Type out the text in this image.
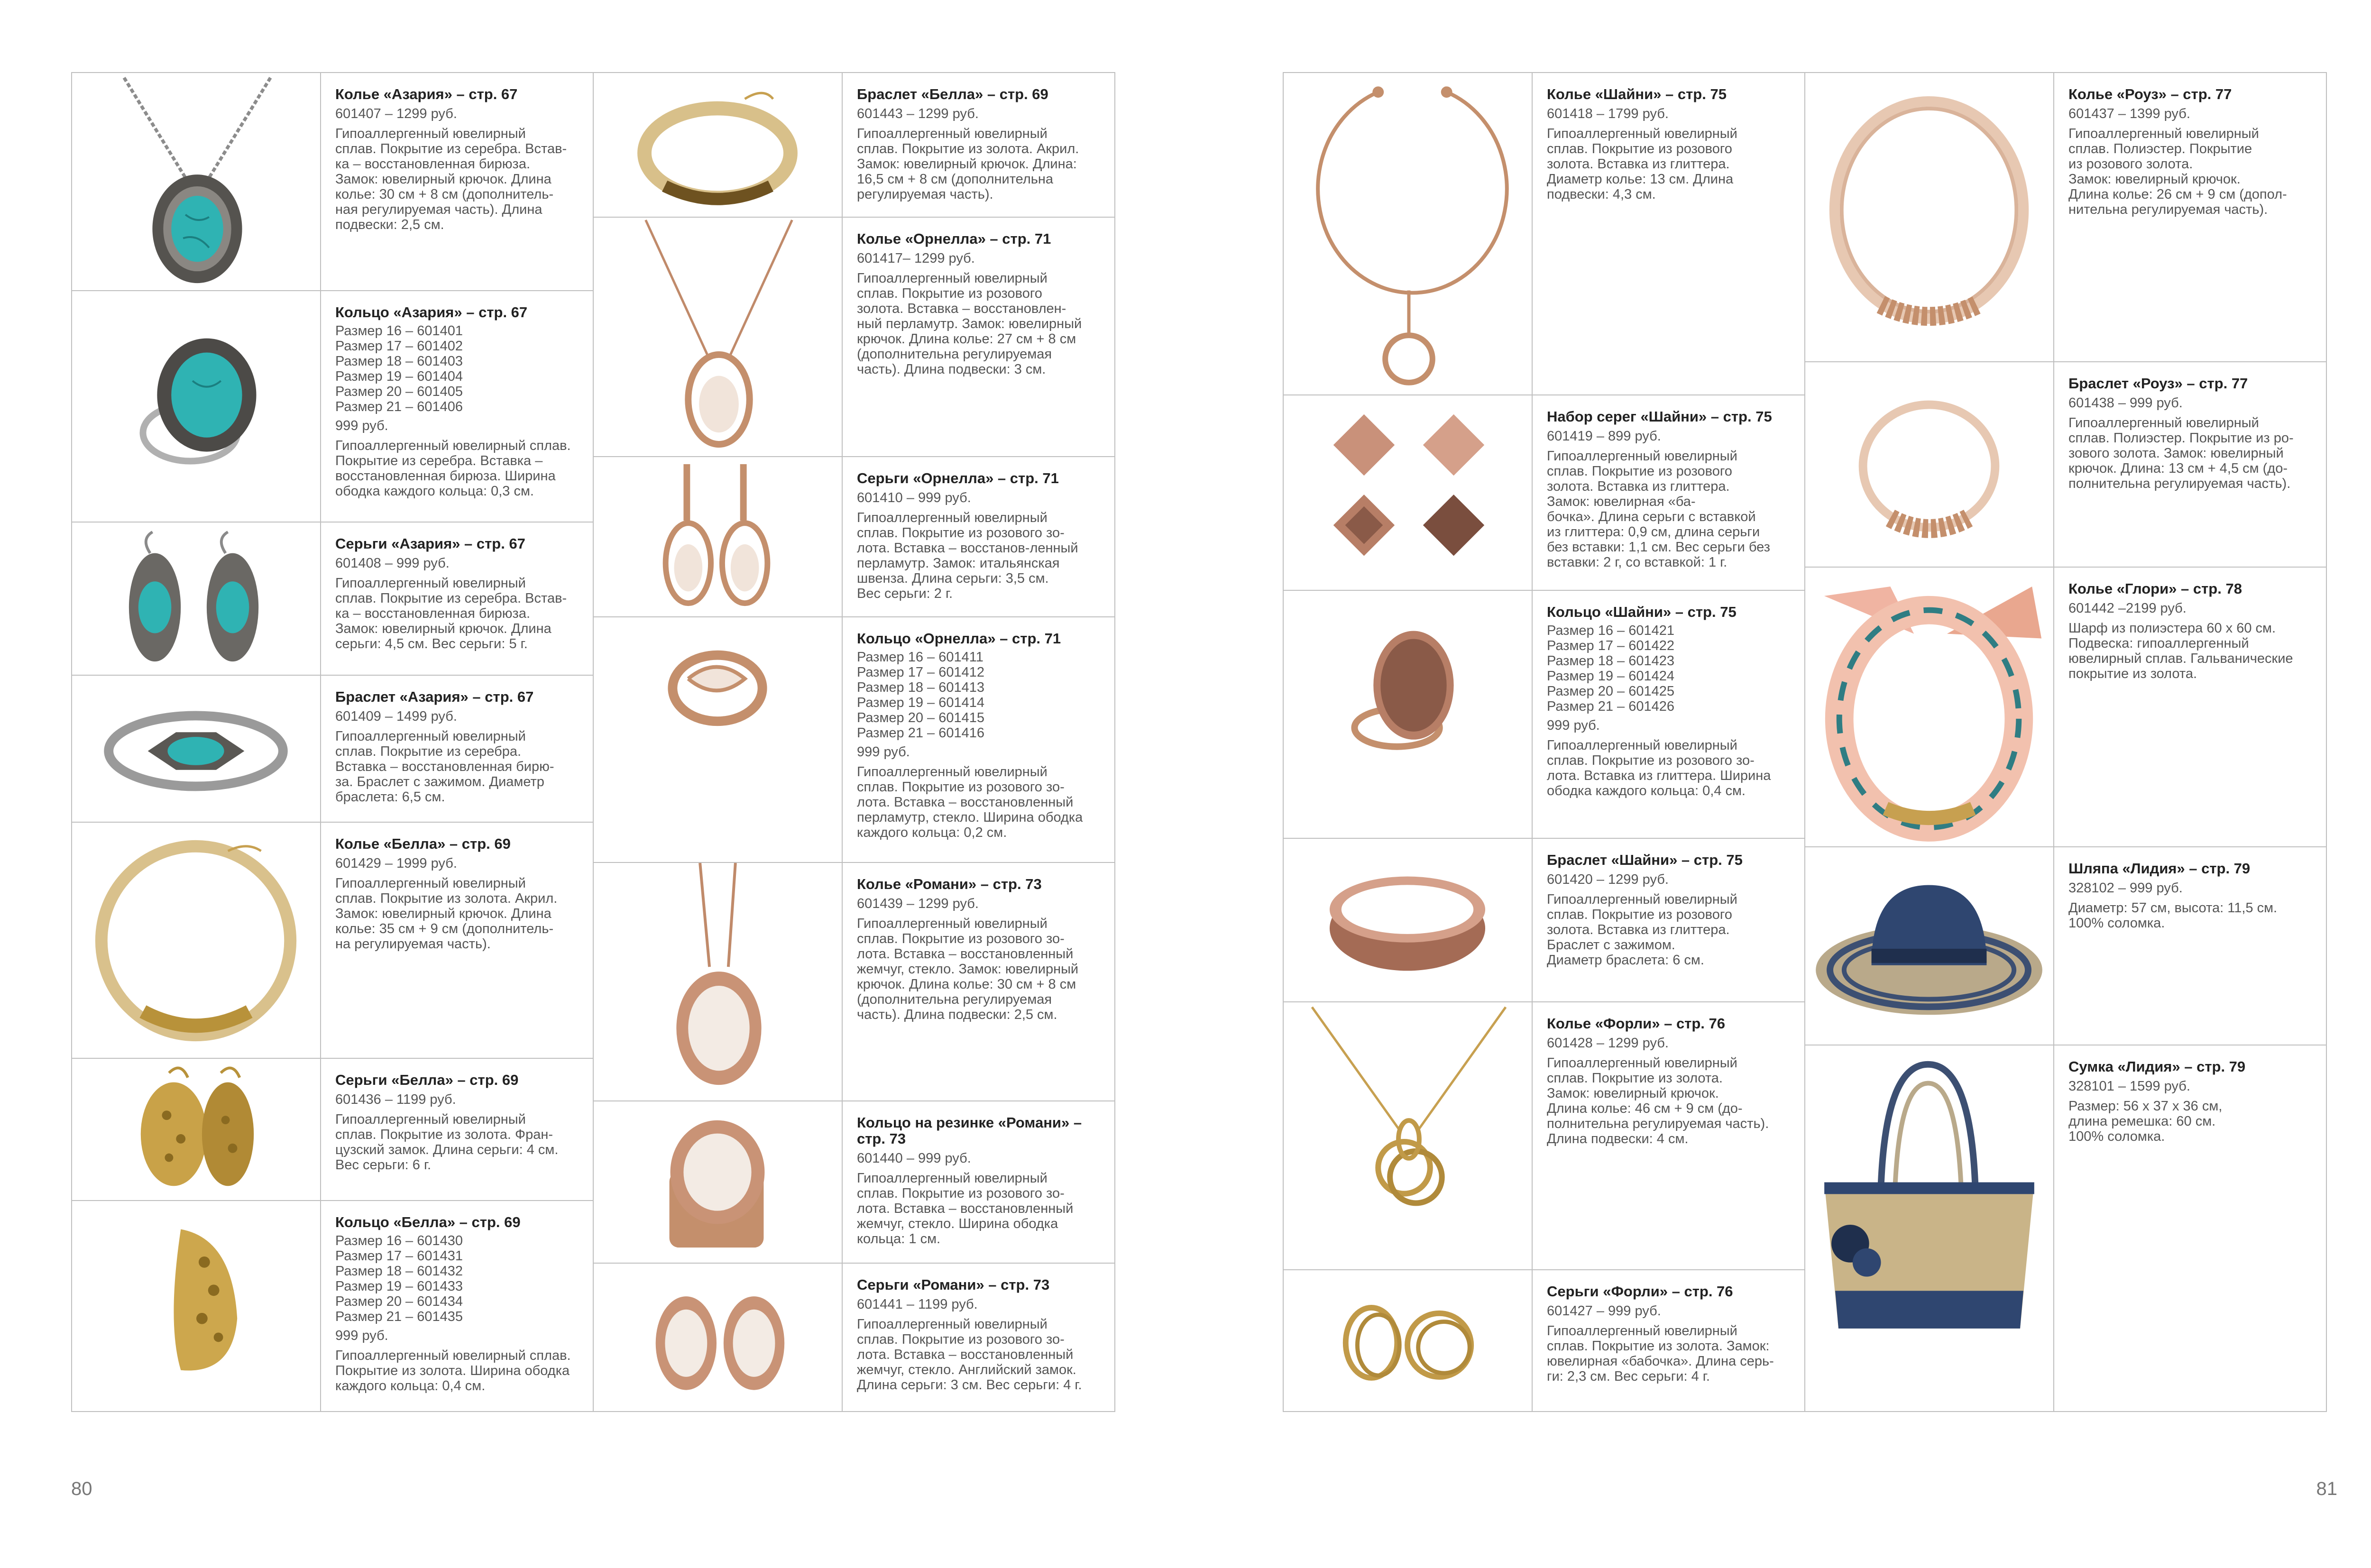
Колье «Азария» – стр. 67

601407 – 1299 руб.

Гипоаллергенный ювелирный
сплав. Покрытие из серебра. Встав-
ка – восстановленная бирюза.
Замок: ювелирный крючок. Длина
колье: 30 см + 8 см (дополнитель-
ная регулируемая часть). Длина
подвески: 2,5 см.

Кольцо «Азария» – стр. 67

Размер 16 – 601401
Размер 17 – 601402
Размер 18 – 601403
Размер 19 – 601404
Размер 20 – 601405
Размер 21 – 601406

999 руб.

Гипоаллергенный ювелирный сплав.
Покрытие из серебра. Вставка –
восстановленная бирюза. Ширина
ободка каждого кольца: 0,3 см.

Серьги «Азария» – стр. 67

601408 – 999 руб.

Гипоаллергенный ювелирный
сплав. Покрытие из серебра. Встав-
ка – восстановленная бирюза.
Замок: ювелирный крючок. Длина
серьги: 4,5 см. Вес серьги: 5 г.

Браслет «Азария» – стр. 67

601409 – 1499 руб.

Гипоаллергенный ювелирный
сплав. Покрытие из серебра.
Вставка – восстановленная бирю-
за. Браслет с зажимом. Диаметр
браслета: 6,5 см.

Колье «Белла» – стр. 69

601429 – 1999 руб.

Гипоаллергенный ювелирный
сплав. Покрытие из золота. Акрил.
Замок: ювелирный крючок. Длина
колье: 35 см + 9 см (дополнитель-
на регулируемая часть).

Серьги «Белла» – стр. 69

601436 – 1199 руб.

Гипоаллергенный ювелирный
сплав. Покрытие из золота. Фран-
цузский замок. Длина серьги: 4 см.
Вес серьги: 6 г.

Кольцо «Белла» – стр. 69

Размер 16 – 601430
Размер 17 – 601431
Размер 18 – 601432
Размер 19 – 601433
Размер 20 – 601434
Размер 21 – 601435

999 руб.

Гипоаллергенный ювелирный сплав.
Покрытие из золота. Ширина ободка
каждого кольца: 0,4 см.

Браслет «Белла» – стр. 69

601443 – 1299 руб.

Гипоаллергенный ювелирный
сплав. Покрытие из золота. Акрил.
Замок: ювелирный крючок. Длина:
16,5 см + 8 см (дополнительна
регулируемая часть).

Колье «Орнелла» – стр. 71

601417– 1299 руб.

Гипоаллергенный ювелирный
сплав. Покрытие из розового
золота. Вставка – восстановлен-
ный перламутр. Замок: ювелирный
крючок. Длина колье: 27 см + 8 см
(дополнительна регулируемая
часть). Длина подвески: 3 см.

Серьги «Орнелла» – стр. 71

601410 – 999 руб.

Гипоаллергенный ювелирный
сплав. Покрытие из розового зо-
лота. Вставка – восстанов-ленный
перламутр. Замок: итальянская
швенза. Длина серьги: 3,5 см.
Вес серьги: 2 г.

Кольцо «Орнелла» – стр. 71

Размер 16 – 601411
Размер 17 – 601412
Размер 18 – 601413
Размер 19 – 601414
Размер 20 – 601415
Размер 21 – 601416

999 руб.

Гипоаллергенный ювелирный
сплав. Покрытие из розового зо-
лота. Вставка – восстановленный
перламутр, стекло. Ширина ободка
каждого кольца: 0,2 см.

Колье «Романи» – стр. 73

601439 – 1299 руб.

Гипоаллергенный ювелирный
сплав. Покрытие из розового зо-
лота. Вставка – восстановленный
жемчуг, стекло. Замок: ювелирный
крючок. Длина колье: 30 см + 8 см
(дополнительна регулируемая
часть). Длина подвески: 2,5 см.

Кольцо на резинке «Романи» – стр. 73

601440 – 999 руб.

Гипоаллергенный ювелирный
сплав. Покрытие из розового зо-
лота. Вставка – восстановленный
жемчуг, стекло. Ширина ободка
кольца: 1 см.

Серьги «Романи» – стр. 73

601441 – 1199 руб.

Гипоаллергенный ювелирный
сплав. Покрытие из розового зо-
лота. Вставка – восстановленный
жемчуг, стекло. Английский замок.
Длина серьги: 3 см. Вес серьги: 4 г.

Колье «Шайни» – стр. 75

601418 – 1799 руб.

Гипоаллергенный ювелирный
сплав. Покрытие из розового
золота. Вставка из глиттера.
Диаметр колье: 13 см. Длина
подвески: 4,3 см.

Набор серег «Шайни» – стр. 75

601419 – 899 руб.

Гипоаллергенный ювелирный
сплав. Покрытие из розового
золота. Вставка из глиттера.
Замок: ювелирная «ба-
бочка». Длина серьги с вставкой
из глиттера: 0,9 см, длина серьги
без вставки: 1,1 см. Вес серьги без
вставки: 2 г, со вставкой: 1 г.

Кольцо «Шайни» – стр. 75

Размер 16 – 601421
Размер 17 – 601422
Размер 18 – 601423
Размер 19 – 601424
Размер 20 – 601425
Размер 21 – 601426

999 руб.

Гипоаллергенный ювелирный
сплав. Покрытие из розового зо-
лота. Вставка из глиттера. Ширина
ободка каждого кольца: 0,4 см.

Браслет «Шайни» – стр. 75

601420 – 1299 руб.

Гипоаллергенный ювелирный
сплав. Покрытие из розового
золота. Вставка из глиттера.
Браслет с зажимом.
Диаметр браслета: 6 см.

Колье «Форли» – стр. 76

601428 – 1299 руб.

Гипоаллергенный ювелирный
сплав. Покрытие из золота.
Замок: ювелирный крючок.
Длина колье: 46 см + 9 см (до-
полнительна регулируемая часть).
Длина подвески: 4 см.

Серьги «Форли» – стр. 76

601427 – 999 руб.

Гипоаллергенный ювелирный
сплав. Покрытие из золота. Замок:
ювелирная «бабочка». Длина серь-
ги: 2,3 см. Вес серьги: 4 г.

Колье «Роуз» – стр. 77

601437 – 1399 руб.

Гипоаллергенный ювелирный
сплав. Полиэстер. Покрытие
из розового золота.
Замок: ювелирный крючок.
Длина колье: 26 см + 9 см (допол-
нительна регулируемая часть).

Браслет «Роуз» – стр. 77

601438 – 999 руб.

Гипоаллергенный ювелирный
сплав. Полиэстер. Покрытие из ро-
зового золота. Замок: ювелирный
крючок. Длина: 13 см + 4,5 см (до-
полнительна регулируемая часть).

Колье «Глори» – стр. 78

601442 –2199 руб.

Шарф из полиэстера 60 х 60 см.
Подвеска: гипоаллергенный
ювелирный сплав. Гальванические
покрытие из золота.

Шляпа «Лидия» – стр. 79

328102 – 999 руб.

Диаметр: 57 см, высота: 11,5 см.
100% соломка.

Сумка «Лидия» – стр. 79

328101 – 1599 руб.

Размер: 56 х 37 х 36 см,
длина ремешка: 60 см.
100% соломка.

80	81
